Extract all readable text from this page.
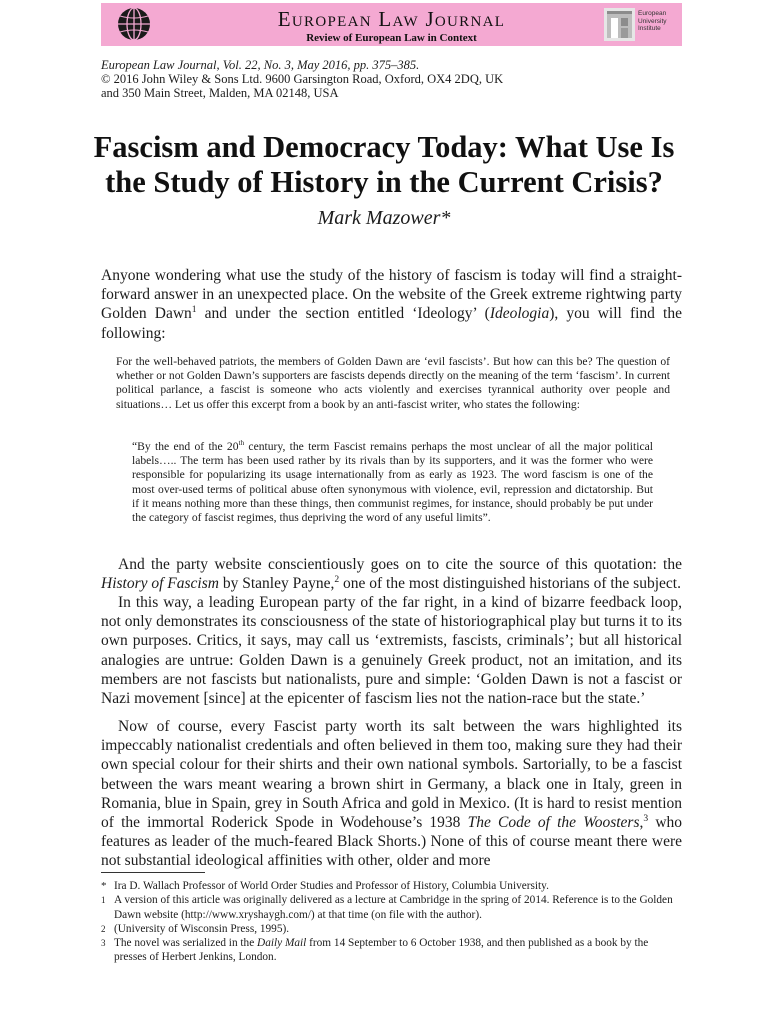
European Law Journal
Review of European Law in Context
European University Institute
European Law Journal, Vol. 22, No. 3, May 2016, pp. 375–385.
© 2016 John Wiley & Sons Ltd. 9600 Garsington Road, Oxford, OX4 2DQ, UK
and 350 Main Street, Malden, MA 02148, USA
Fascism and Democracy Today: What Use Is the Study of History in the Current Crisis?
Mark Mazower*
Anyone wondering what use the study of the history of fascism is today will find a straight-forward answer in an unexpected place. On the website of the Greek extreme rightwing party Golden Dawn$^1$ and under the section entitled ‘Ideology’ (Ideologia), you will find the following:
For the well-behaved patriots, the members of Golden Dawn are ‘evil fascists’. But how can this be? The question of whether or not Golden Dawn’s supporters are fascists depends directly on the meaning of the term ‘fascism’. In current political parlance, a fascist is someone who acts violently and exercises tyrannical authority over people and situations… Let us offer this excerpt from a book by an anti-fascist writer, who states the following:
“By the end of the 20th century, the term Fascist remains perhaps the most unclear of all the major political labels….. The term has been used rather by its rivals than by its supporters, and it was the former who were responsible for popularizing its usage internationally from as early as 1923. The word fascism is one of the most over-used terms of political abuse often synonymous with violence, evil, repression and dictatorship. But if it means nothing more than these things, then communist regimes, for instance, should probably be put under the category of fascist regimes, thus depriving the word of any useful limits”.
And the party website conscientiously goes on to cite the source of this quotation: the History of Fascism by Stanley Payne,$^2$ one of the most distinguished historians of the subject.
In this way, a leading European party of the far right, in a kind of bizarre feedback loop, not only demonstrates its consciousness of the state of historiographical play but turns it to its own purposes. Critics, it says, may call us ‘extremists, fascists, criminals’; but all historical analogies are untrue: Golden Dawn is a genuinely Greek product, not an imitation, and its members are not fascists but nationalists, pure and simple: ‘Golden Dawn is not a fascist or Nazi movement [since] at the epicenter of fascism lies not the nation-race but the state.’
Now of course, every Fascist party worth its salt between the wars highlighted its impeccably nationalist credentials and often believed in them too, making sure they had their own special colour for their shirts and their own national symbols. Sartorially, to be a fascist between the wars meant wearing a brown shirt in Germany, a black one in Italy, green in Romania, blue in Spain, grey in South Africa and gold in Mexico. (It is hard to resist mention of the immortal Roderick Spode in Wodehouse’s 1938 The Code of the Woosters,$^3$ who features as leader of the much-feared Black Shorts.) None of this of course meant there were not substantial ideological affinities with other, older and more
* Ira D. Wallach Professor of World Order Studies and Professor of History, Columbia University.
1 A version of this article was originally delivered as a lecture at Cambridge in the spring of 2014. Reference is to the Golden Dawn website (http://www.xryshaygh.com/) at that time (on file with the author).
2 (University of Wisconsin Press, 1995).
3 The novel was serialized in the Daily Mail from 14 September to 6 October 1938, and then published as a book by the presses of Herbert Jenkins, London.
